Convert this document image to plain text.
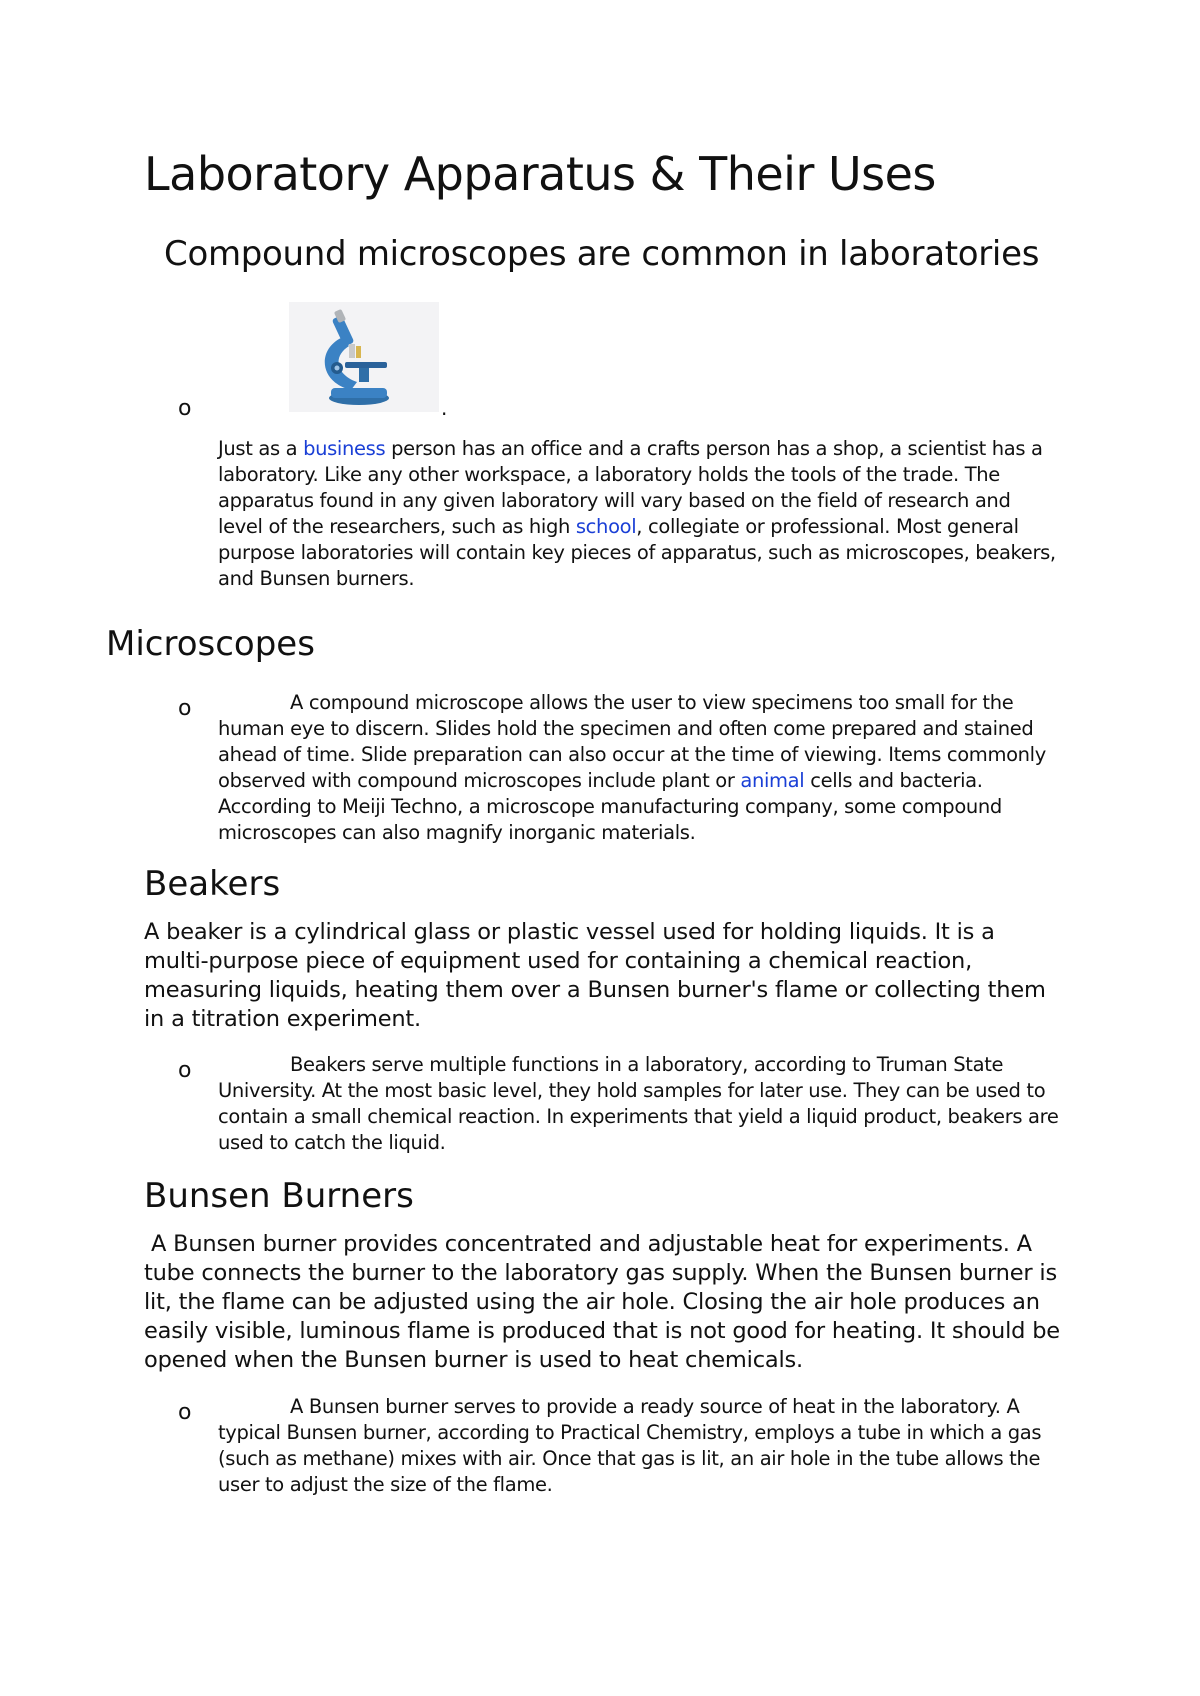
Laboratory Apparatus & Their Uses
Compound microscopes are common in laboratories
o	.

Just as a business person has an office and a crafts person has a shop, a scientist has a laboratory. Like any other workspace, a laboratory holds the tools of the trade. The apparatus found in any given laboratory will vary based on the field of research and level of the researchers, such as high school, collegiate or professional. Most general purpose laboratories will contain key pieces of apparatus, such as microscopes, beakers, and Bunsen burners.

Microscopes
o	A compound microscope allows the user to view specimens too small for the human eye to discern. Slides hold the specimen and often come prepared and stained ahead of time. Slide preparation can also occur at the time of viewing. Items commonly observed with compound microscopes include plant or animal cells and bacteria. According to Meiji Techno, a microscope manufacturing company, some compound microscopes can also magnify inorganic materials.

Beakers

A beaker is a cylindrical glass or plastic vessel used for holding liquids. It is a multi-purpose piece of equipment used for containing a chemical reaction, measuring liquids, heating them over a Bunsen burner's flame or collecting them in a titration experiment.

o	Beakers serve multiple functions in a laboratory, according to Truman State University. At the most basic level, they hold samples for later use. They can be used to contain a small chemical reaction. In experiments that yield a liquid product, beakers are used to catch the liquid.

Bunsen Burners

A Bunsen burner provides concentrated and adjustable heat for experiments. A tube connects the burner to the laboratory gas supply. When the Bunsen burner is lit, the flame can be adjusted using the air hole. Closing the air hole produces an easily visible, luminous flame is produced that is not good for heating. It should be opened when the Bunsen burner is used to heat chemicals.

o	A Bunsen burner serves to provide a ready source of heat in the laboratory. A typical Bunsen burner, according to Practical Chemistry, employs a tube in which a gas (such as methane) mixes with air. Once that gas is lit, an air hole in the tube allows the user to adjust the size of the flame.
